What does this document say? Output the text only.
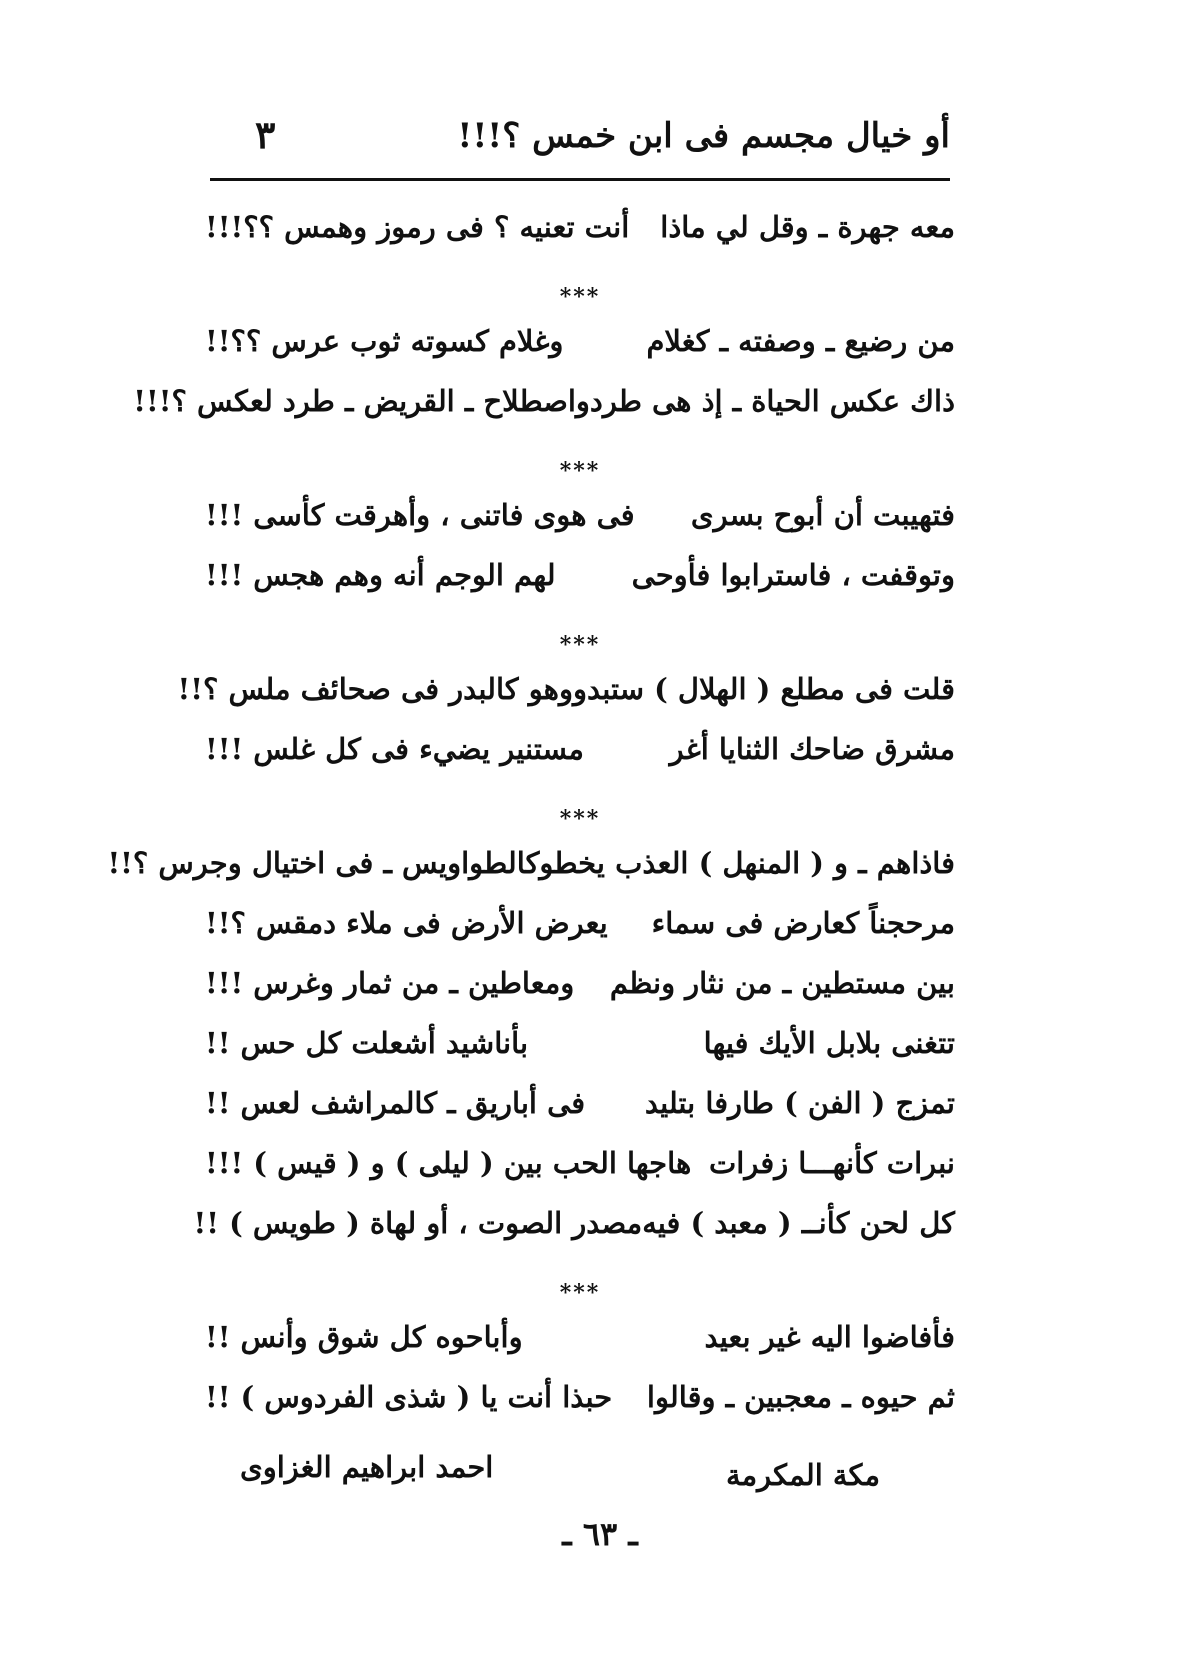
أو خيال مجسم فى ابن خمس ؟!!!
٣
معه جهرة ـ وقل لي ماذا
أنت تعنيه ؟ فى رموز وهمس ؟؟!!!
***
من رضيع ـ وصفته ـ كغلام
وغلام كسوته ثوب عرس ؟؟!!
ذاك عكس الحياة ـ إذ هى طرد
واصطلاح ـ القريض ـ طرد لعكس ؟!!!
***
فتهيبت أن أبوح بسرى
فى هوى فاتنى ، وأهرقت كأسى !!!
وتوقفت ، فاسترابوا فأوحى
لهم الوجم أنه وهم هجس !!!
***
قلت فى مطلع ( الهلال ) ستبدو
وهو كالبدر فى صحائف ملس ؟!!
مشرق ضاحك الثنايا أغر
مستنير يضيء فى كل غلس !!!
***
فاذاهم ـ و ( المنهل ) العذب يخطو
كالطواويس ـ فى اختيال وجرس ؟!!
مرحجناً كعارض فى سماء
يعرض الأرض فى ملاء دمقس ؟!!
بين مستطين ـ من نثار ونظم
ومعاطين ـ من ثمار وغرس !!!
تتغنى بلابل الأيك فيها
بأناشيد أشعلت كل حس !!
تمزج ( الفن ) طارفا بتليد
فى أباريق ـ كالمراشف لعس !!
نبرات كأنهـــا زفرات
هاجها الحب بين ( ليلى ) و ( قيس ) !!!
كل لحن كأنــ ( معبد ) فيه
مصدر الصوت ، أو لهاة ( طويس ) !!
***
فأفاضوا اليه غير بعيد
وأباحوه كل شوق وأنس !!
ثم حيوه ـ معجبين ـ وقالوا
حبذا أنت يا ( شذى الفردوس ) !!
مكة المكرمة
احمد ابراهيم الغزاوى
ـ ٦٣ ـ
